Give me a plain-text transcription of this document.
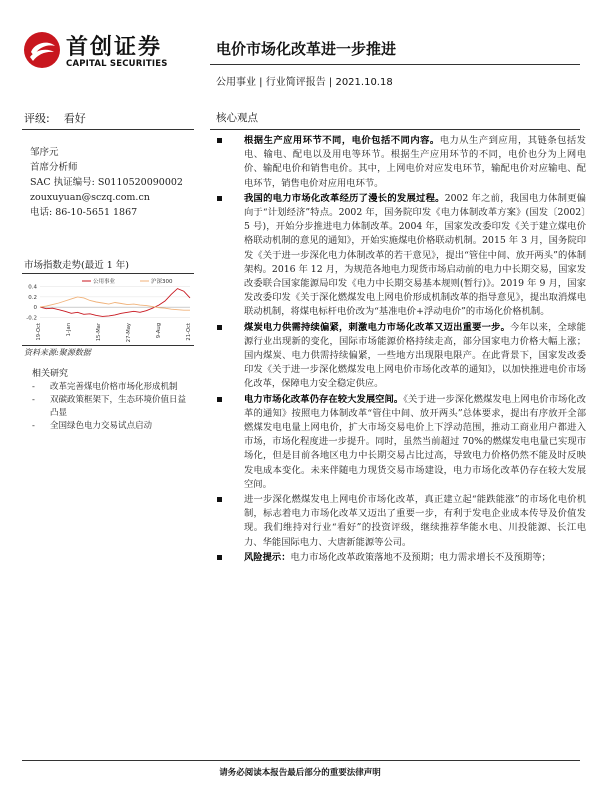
首创证券
CAPITAL SECURITIES
电价市场化改革进一步推进
公用事业 | 行业简评报告 | 2021.10.18
评级: 看好
邹序元
首席分析师
SAC 执证编号: S0110520090002
zouxuyuan@sczq.com.cn
电话: 86-10-5651 1867
市场指数走势(最近 1 年)
0.4
0.2
0
-0.2
19-Oct	1-Jan	15-Mar	27-May	9-Aug	21-Oct
公用事业	沪深300
资料来源:聚源数据
相关研究
- 改革完善煤电价格市场化形成机制
- 双碳政策框架下，生态环境价值日益凸显
- 全国绿色电力交易试点启动
核心观点
根据生产应用环节不同，电价包括不同内容。电力从生产到应用，其链条包括发电、输电、配电以及用电等环节。根据生产应用环节的不同，电价也分为上网电价、输配电价和销售电价。其中，上网电价对应发电环节，输配电价对应输电、配电环节，销售电价对应用电环节。
我国的电力市场化改革经历了漫长的发展过程。2002 年之前，我国电力体制更偏向于“计划经济”特点。2002 年，国务院印发《电力体制改革方案》(国发〔2002〕5 号)，开始分步推进电力体制改革。2004 年，国家发改委印发《关于建立煤电价格联动机制的意见的通知》，开始实施煤电价格联动机制。2015 年 3 月，国务院印发《关于进一步深化电力体制改革的若干意见》，提出“管住中间、放开两头”的体制架构。2016 年 12 月，为规范各地电力现货市场启动前的电力中长期交易，国家发改委联合国家能源局印发《电力中长期交易基本规则(暂行)》。2019 年 9 月，国家发改委印发《关于深化燃煤发电上网电价形成机制改革的指导意见》，提出取消煤电联动机制，将煤电标杆电价改为“基准电价+浮动电价”的市场化价格机制。
煤炭电力供需持续偏紧，刺激电力市场化改革又迈出重要一步。今年以来，全球能源行业出现新的变化，国际市场能源价格持续走高，部分国家电力价格大幅上涨；国内煤炭、电力供需持续偏紧，一些地方出现限电限产。在此背景下，国家发改委印发《关于进一步深化燃煤发电上网电价市场化改革的通知》，以加快推进电价市场化改革，保障电力安全稳定供应。
电力市场化改革仍存在较大发展空间。《关于进一步深化燃煤发电上网电价市场化改革的通知》按照电力体制改革“管住中间、放开两头”总体要求，提出有序放开全部燃煤发电电量上网电价，扩大市场交易电价上下浮动范围，推动工商业用户都进入市场，市场化程度进一步提升。同时，虽然当前超过 70%的燃煤发电电量已实现市场化，但是目前各地区电力中长期交易占比过高，导致电力价格仍然不能及时反映发电成本变化。未来伴随电力现货交易市场建设，电力市场化改革仍存在较大发展空间。
进一步深化燃煤发电上网电价市场化改革，真正建立起“能跌能涨”的市场化电价机制，标志着电力市场化改革又迈出了重要一步，有利于发电企业成本传导及价值发现。我们维持对行业“看好”的投资评级，继续推荐华能水电、川投能源、长江电力、华能国际电力、大唐新能源等公司。
风险提示：电力市场化改革政策落地不及预期；电力需求增长不及预期等；
请务必阅读本报告最后部分的重要法律声明
